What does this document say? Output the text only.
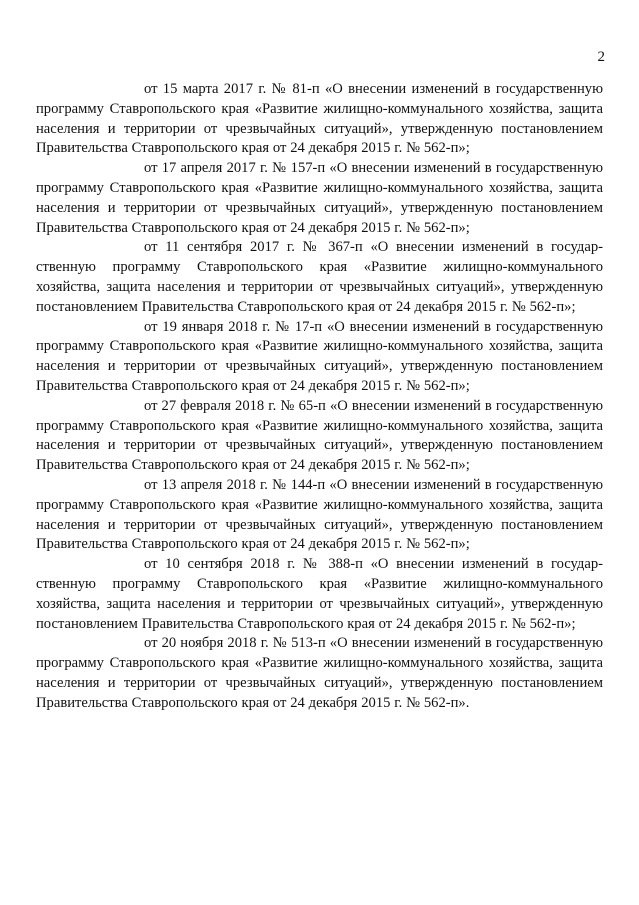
2

от 15 марта 2017 г. № 81-п «О внесении изменений в государственную программу Ставропольского края «Развитие жилищно-коммунального хозяйства, защита населения и территории от чрезвычайных ситуаций», утвержденную постановлением Правительства Ставропольского края от 24 декабря 2015 г. № 562-п»;

от 17 апреля 2017 г. № 157-п «О внесении изменений в государственную программу Ставропольского края «Развитие жилищно-коммунального хозяйства, защита населения и территории от чрезвычайных ситуаций», утвержденную постановлением Правительства Ставропольского края от 24 декабря 2015 г. № 562-п»;

от 11 сентября 2017 г. № 367-п «О внесении изменений в государственную программу Ставропольского края «Развитие жилищно-коммунального хозяйства, защита населения и территории от чрезвычайных ситуаций», утвержденную постановлением Правительства Ставропольского края от 24 декабря 2015 г. № 562-п»;

от 19 января 2018 г. № 17-п «О внесении изменений в государственную программу Ставропольского края «Развитие жилищно-коммунального хозяйства, защита населения и территории от чрезвычайных ситуаций», утвержденную постановлением Правительства Ставропольского края от 24 декабря 2015 г. № 562-п»;

от 27 февраля 2018 г. № 65-п «О внесении изменений в государственную программу Ставропольского края «Развитие жилищно-коммунального хозяйства, защита населения и территории от чрезвычайных ситуаций», утвержденную постановлением Правительства Ставропольского края от 24 декабря 2015 г. № 562-п»;

от 13 апреля 2018 г. № 144-п «О внесении изменений в государственную программу Ставропольского края «Развитие жилищно-коммунального хозяйства, защита населения и территории от чрезвычайных ситуаций», утвержденную постановлением Правительства Ставропольского края от 24 декабря 2015 г. № 562-п»;

от 10 сентября 2018 г. № 388-п «О внесении изменений в государственную программу Ставропольского края «Развитие жилищно-коммунального хозяйства, защита населения и территории от чрезвычайных ситуаций», утвержденную постановлением Правительства Ставропольского края от 24 декабря 2015 г. № 562-п»;

от 20 ноября 2018 г. № 513-п «О внесении изменений в государственную программу Ставропольского края «Развитие жилищно-коммунального хозяйства, защита населения и территории от чрезвычайных ситуаций», утвержденную постановлением Правительства Ставропольского края от 24 декабря 2015 г. № 562-п».
